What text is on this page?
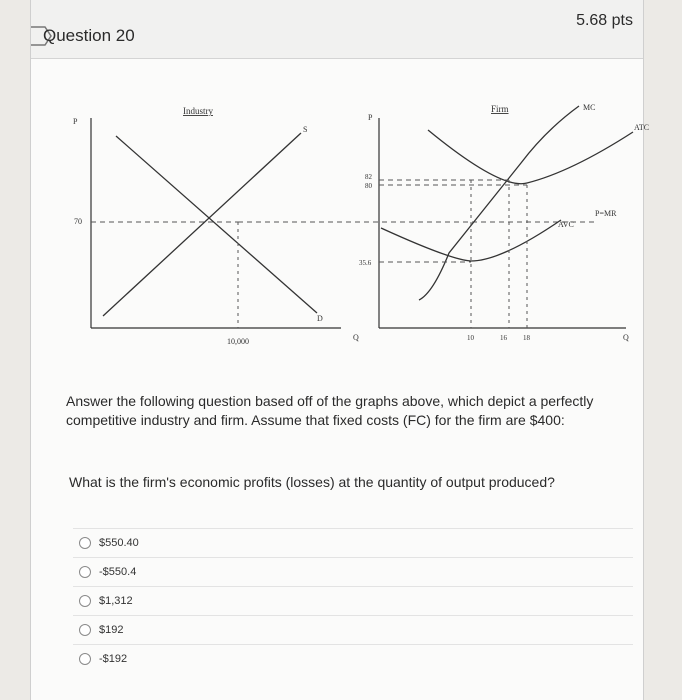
Question 20
5.68 pts
Industry
P
S
D
70
10,000	Q
Firm
P
Q
MC
ATC
AVC
P=MR
82
80
35.6
10	16 18
Answer the following question based off of the graphs above, which depict a perfectly competitive industry and firm. Assume that fixed costs (FC) for the firm are $400:
What is the firm's economic profits (losses) at the quantity of output produced?
$550.40
-$550.4
$1,312
$192
-$192
